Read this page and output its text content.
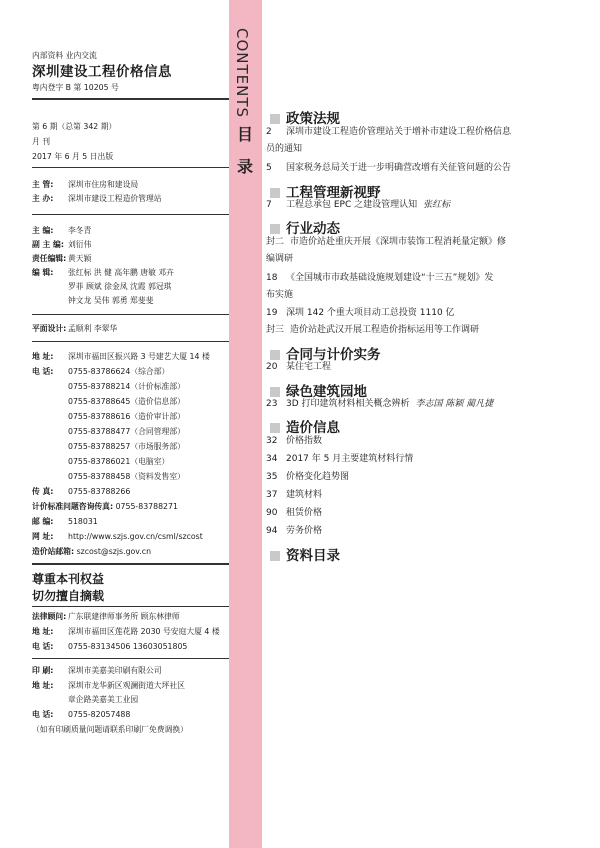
内部资料 业内交流
深圳建设工程价格信息
粤内登字 B 第 10205 号
第 6 期（总第 342 期）
月 刊
2017 年 6 月 5 日出版
主 管: 深圳市住房和建设局
主 办: 深圳市建设工程造价管理站
主 编: 李冬青
副 主 编: 刘衍伟
责任编辑: 黄天颖
编 辑: 张红标 洪 健 高年鹏 唐敏 邓卉
罗菲 顾斌 徐金凤 沈霞 郭冠琪
钟文龙 吴伟 郭勇 郑斐斐
平面设计: 孟顺利 李翠华
地 址: 深圳市福田区振兴路 3 号建艺大厦 14 楼
电 话: 0755-83786624（综合部）
0755-83788214（计价标准部）
0755-83788645（造价信息部）
0755-83788616（造价审计部）
0755-83788477（合同管理部）
0755-83788257（市场服务部）
0755-83786021（电脑室）
0755-83788458（资料发售室）
传 真: 0755-83788266
计价标准问题咨询传真: 0755-83788271
邮 编: 518031
网 址: http://www.szjs.gov.cn/csml/szcost
造价站邮箱: szcost@szjs.gov.cn
尊重本刊权益
切勿擅自摘载
法律顾问: 广东联建律师事务所 顾东林律师
地 址: 深圳市福田区莲花路 2030 号安庭大厦 4 楼
电 话: 0755-83134506 13603051805
印 刷: 深圳市美嘉美印刷有限公司
地 址: 深圳市龙华新区观澜街道大坪社区
章企路美嘉美工业园
电 话: 0755-82057488
（如有印刷质量问题请联系印刷厂免费调换）
CONTENTS
目
录
政策法规
2 深圳市建设工程造价管理站关于增补市建设工程价格信息
员的通知
5 国家税务总局关于进一步明确营改增有关征管问题的公告
工程管理新视野
7 工程总承包 EPC 之建设管理认知 张红标
行业动态
封二 市造价站赴重庆开展《深圳市装饰工程消耗量定额》修
编调研
18 《全国城市市政基础设施规划建设“十三五”规划》发
布实施
19 深圳 142 个重大项目动工总投资 1110 亿
封三 造价站赴武汉开展工程造价指标运用等工作调研
合同与计价实务
20 某住宅工程
绿色建筑园地
23 3D 打印建筑材料相关概念辨析 李志国 陈颖 蔺凡捷
造价信息
32 价格指数
34 2017 年 5 月主要建筑材料行情
35 价格变化趋势图
37 建筑材料
90 租赁价格
94 劳务价格
资料目录
